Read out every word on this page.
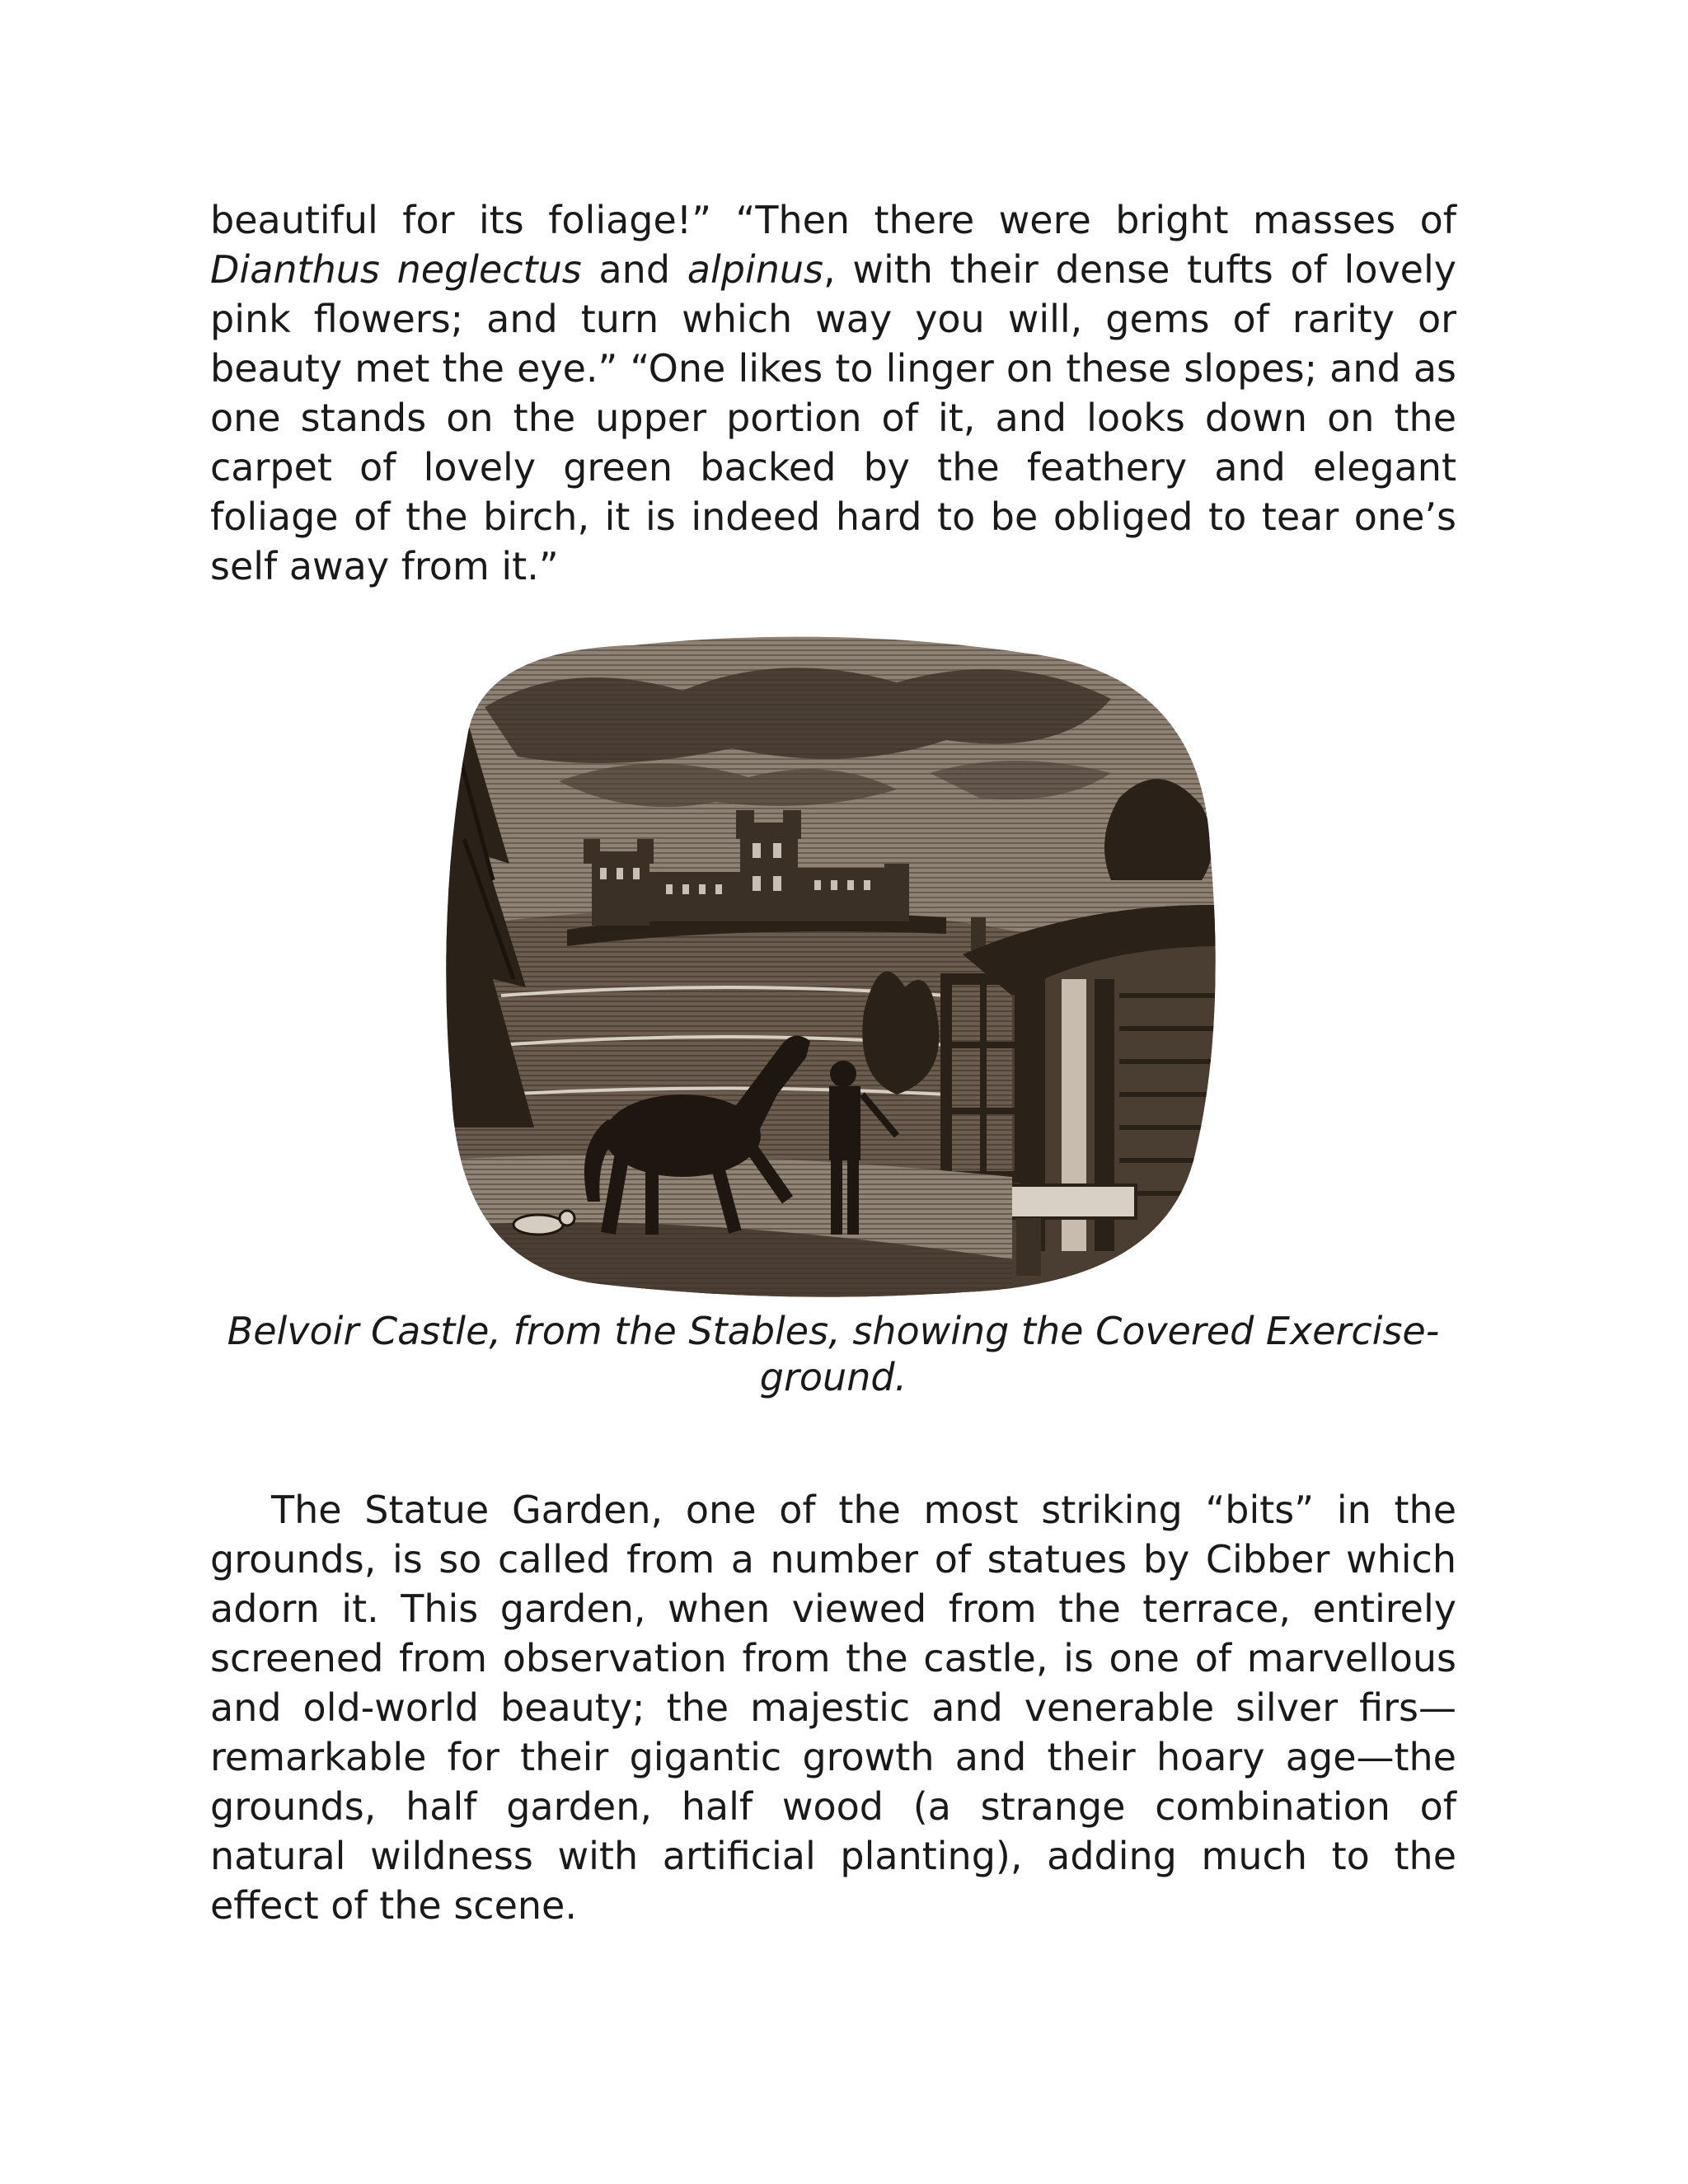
beautiful for its foliage!” “Then there were bright masses of Dianthus neglectus and alpinus, with their dense tufts of lovely pink flowers; and turn which way you will, gems of rarity or beauty met the eye.” “One likes to linger on these slopes; and as one stands on the upper portion of it, and looks down on the carpet of lovely green backed by the feathery and elegant foliage of the birch, it is indeed hard to be obliged to tear one’s self away from it.”

Belvoir Castle, from the Stables, showing the Covered Exercise-ground.

The Statue Garden, one of the most striking “bits” in the grounds, is so called from a number of statues by Cibber which adorn it. This garden, when viewed from the terrace, entirely screened from observation from the castle, is one of marvellous and old-world beauty; the majestic and venerable silver firs—remarkable for their gigantic growth and their hoary age—the grounds, half garden, half wood (a strange combination of natural wildness with artificial planting), adding much to the effect of the scene.
